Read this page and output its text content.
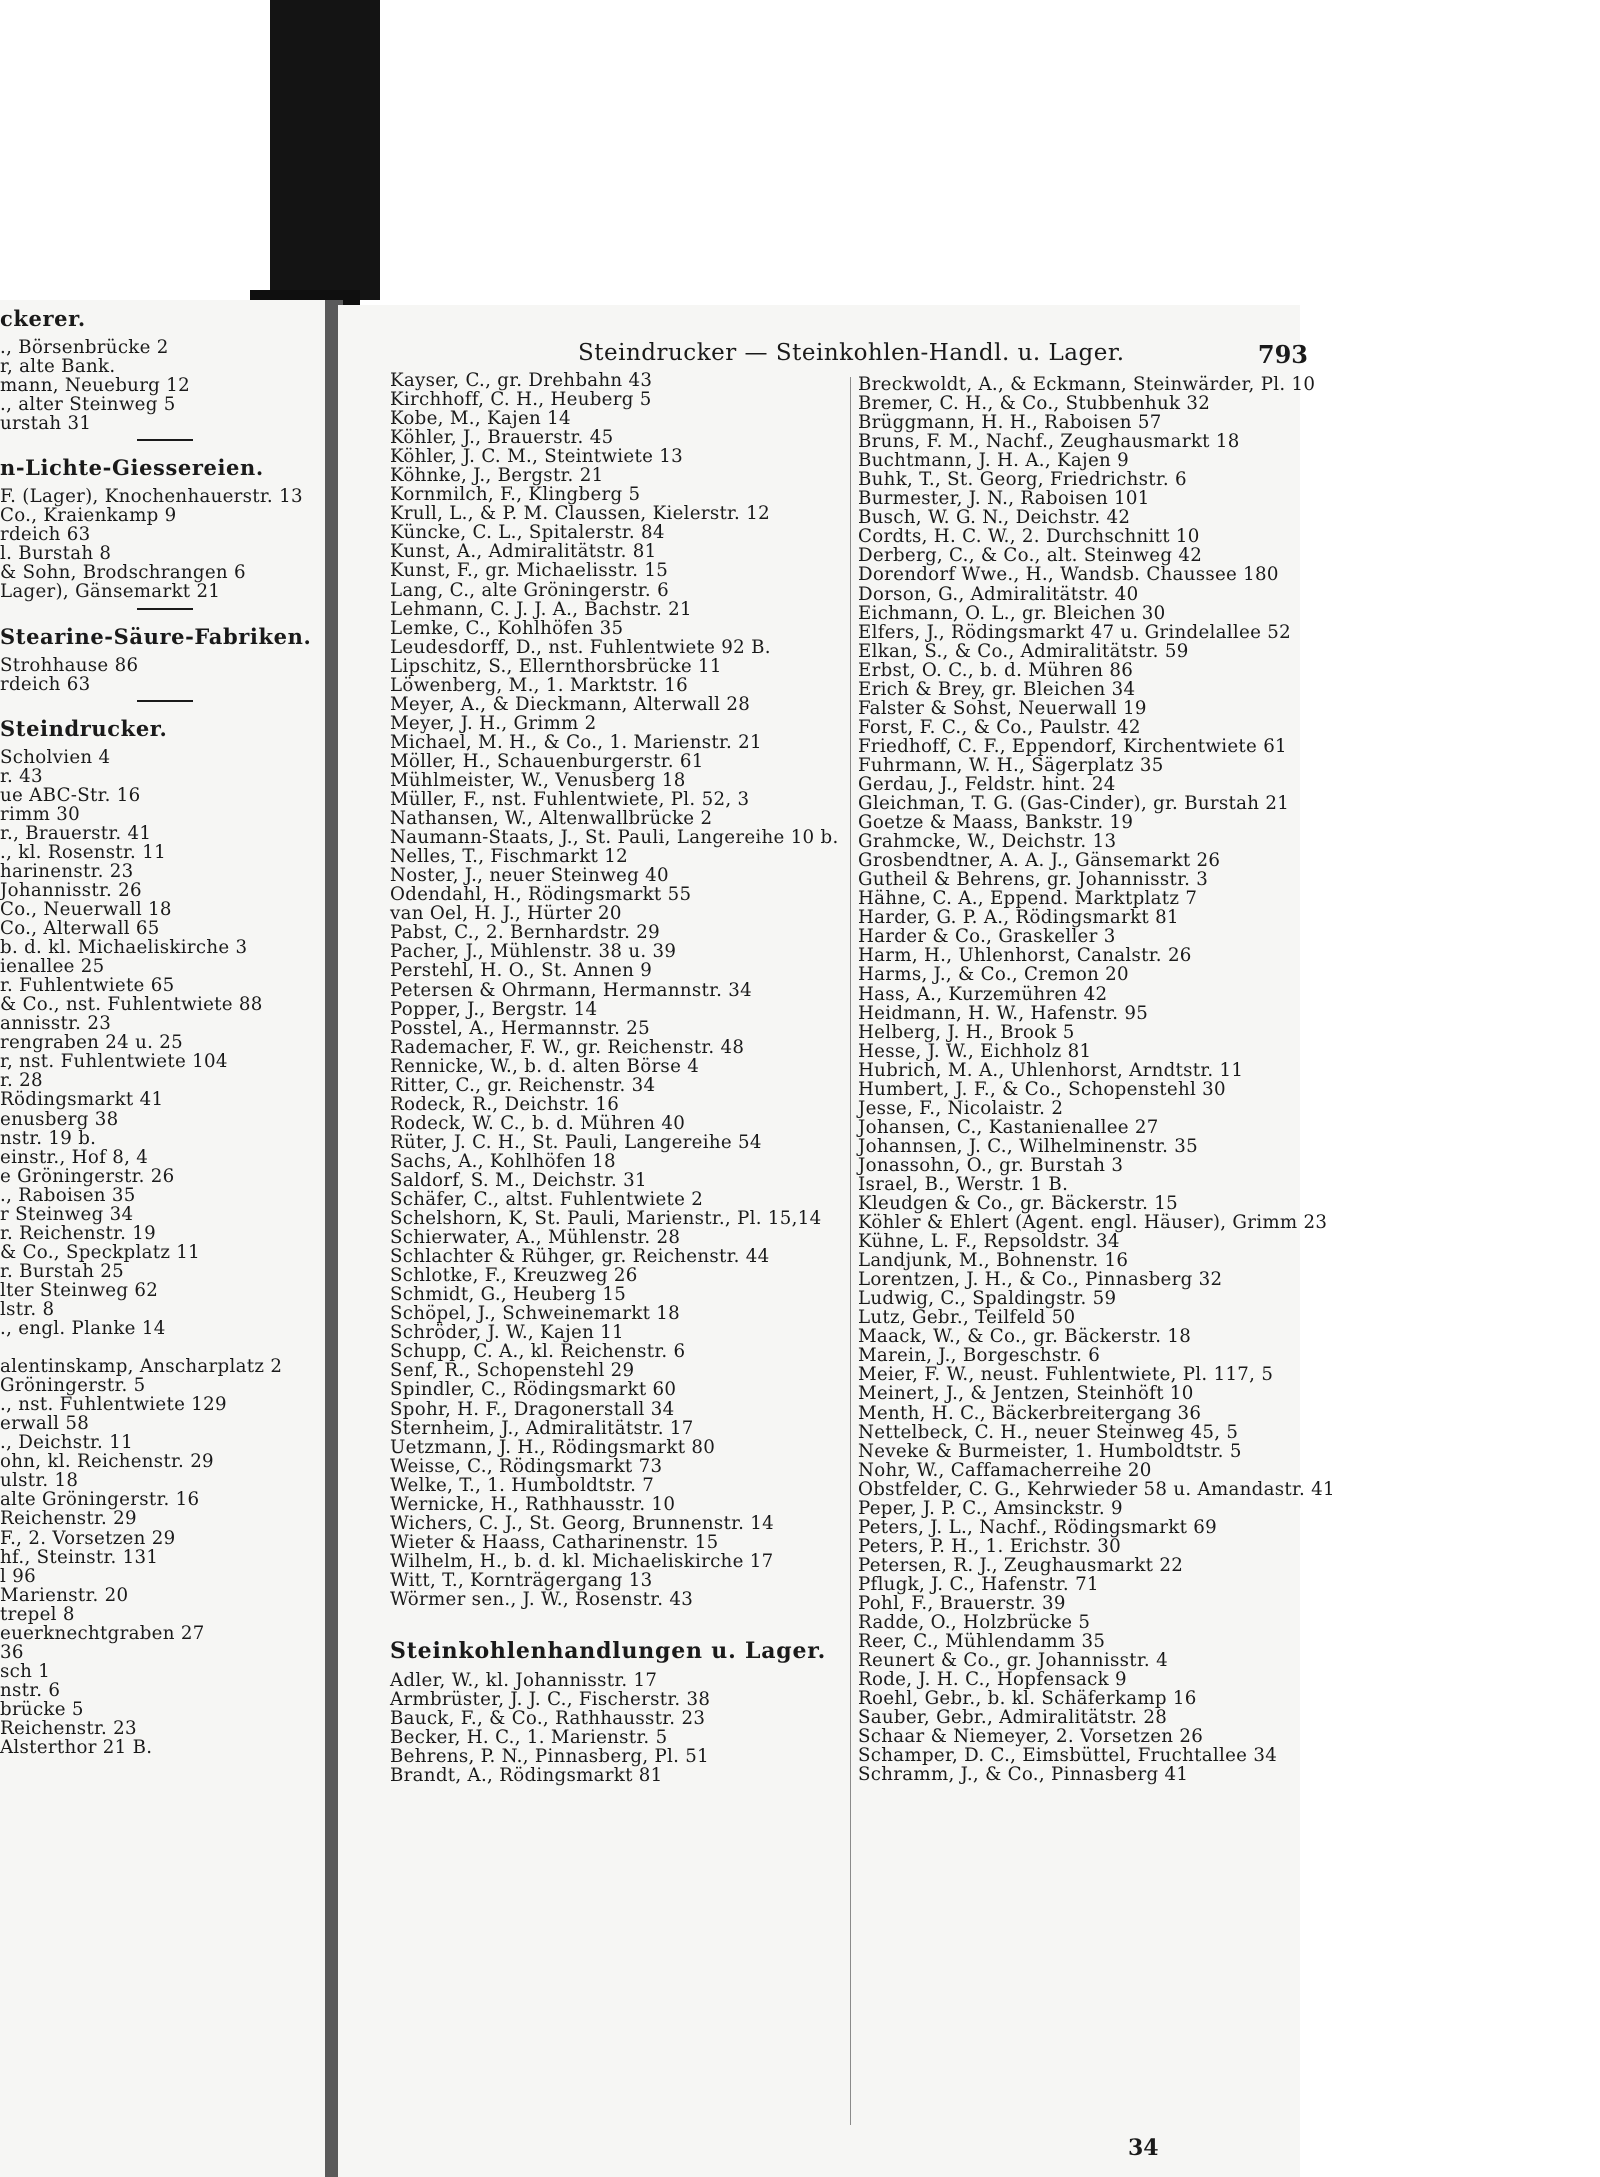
ckerer.
., Börsenbrücke 2
r, alte Bank.
mann, Neueburg 12
., alter Steinweg 5
urstah 31
n-Lichte-Giessereien.
F. (Lager), Knochenhauerstr. 13
Co., Kraienkamp 9
rdeich 63
l. Burstah 8
& Sohn, Brodschrangen 6
Lager), Gänsemarkt 21
Stearine-Säure-Fabriken.
Strohhause 86
rdeich 63
Steindrucker.
Scholvien 4
r. 43
ue ABC-Str. 16
rimm 30
r., Brauerstr. 41
., kl. Rosenstr. 11
harinenstr. 23
Johannisstr. 26
Co., Neuerwall 18
Co., Alterwall 65
b. d. kl. Michaeliskirche 3
ienallee 25
r. Fuhlentwiete 65
& Co., nst. Fuhlentwiete 88
annisstr. 23
rengraben 24 u. 25
r, nst. Fuhlentwiete 104
r. 28
Rödingsmarkt 41
enusberg 38
nstr. 19 b.
einstr., Hof 8, 4
e Gröningerstr. 26
., Raboisen 35
r Steinweg 34
r. Reichenstr. 19
& Co., Speckplatz 11
r. Burstah 25
lter Steinweg 62
lstr. 8
., engl. Planke 14
alentinskamp, Anscharplatz 2
Gröningerstr. 5
., nst. Fuhlentwiete 129
erwall 58
., Deichstr. 11
ohn, kl. Reichenstr. 29
ulstr. 18
alte Gröningerstr. 16
Reichenstr. 29
F., 2. Vorsetzen 29
hf., Steinstr. 131
l 96
Marienstr. 20
trepel 8
euerknechtgraben 27
36
sch 1
nstr. 6
brücke 5
Reichenstr. 23
Alsterthor 21 B.
Steindrucker — Steinkohlen-Handl. u. Lager.	793
Kayser, C., gr. Drehbahn 43
Kirchhoff, C. H., Heuberg 5
Kobe, M., Kajen 14
Köhler, J., Brauerstr. 45
Köhler, J. C. M., Steintwiete 13
Köhnke, J., Bergstr. 21
Kornmilch, F., Klingberg 5
Krull, L., & P. M. Claussen, Kielerstr. 12
Küncke, C. L., Spitalerstr. 84
Kunst, A., Admiralitätstr. 81
Kunst, F., gr. Michaelisstr. 15
Lang, C., alte Gröningerstr. 6
Lehmann, C. J. J. A., Bachstr. 21
Lemke, C., Kohlhöfen 35
Leudesdorff, D., nst. Fuhlentwiete 92 B.
Lipschitz, S., Ellernthorsbrücke 11
Löwenberg, M., 1. Marktstr. 16
Meyer, A., & Dieckmann, Alterwall 28
Meyer, J. H., Grimm 2
Michael, M. H., & Co., 1. Marienstr. 21
Möller, H., Schauenburgerstr. 61
Mühlmeister, W., Venusberg 18
Müller, F., nst. Fuhlentwiete, Pl. 52, 3
Nathansen, W., Altenwallbrücke 2
Naumann-Staats, J., St. Pauli, Langereihe 10 b.
Nelles, T., Fischmarkt 12
Noster, J., neuer Steinweg 40
Odendahl, H., Rödingsmarkt 55
van Oel, H. J., Hürter 20
Pabst, C., 2. Bernhardstr. 29
Pacher, J., Mühlenstr. 38 u. 39
Perstehl, H. O., St. Annen 9
Petersen & Ohrmann, Hermannstr. 34
Popper, J., Bergstr. 14
Posstel, A., Hermannstr. 25
Rademacher, F. W., gr. Reichenstr. 48
Rennicke, W., b. d. alten Börse 4
Ritter, C., gr. Reichenstr. 34
Rodeck, R., Deichstr. 16
Rodeck, W. C., b. d. Mühren 40
Rüter, J. C. H., St. Pauli, Langereihe 54
Sachs, A., Kohlhöfen 18
Saldorf, S. M., Deichstr. 31
Schäfer, C., altst. Fuhlentwiete 2
Schelshorn, K, St. Pauli, Marienstr., Pl. 15,14
Schierwater, A., Mühlenstr. 28
Schlachter & Rühger, gr. Reichenstr. 44
Schlotke, F., Kreuzweg 26
Schmidt, G., Heuberg 15
Schöpel, J., Schweinemarkt 18
Schröder, J. W., Kajen 11
Schupp, C. A., kl. Reichenstr. 6
Senf, R., Schopenstehl 29
Spindler, C., Rödingsmarkt 60
Spohr, H. F., Dragonerstall 34
Sternheim, J., Admiralitätstr. 17
Uetzmann, J. H., Rödingsmarkt 80
Weisse, C., Rödingsmarkt 73
Welke, T., 1. Humboldtstr. 7
Wernicke, H., Rathhausstr. 10
Wichers, C. J., St. Georg, Brunnenstr. 14
Wieter & Haass, Catharinenstr. 15
Wilhelm, H., b. d. kl. Michaeliskirche 17
Witt, T., Kornträgergang 13
Wörmer sen., J. W., Rosenstr. 43
Steinkohlenhandlungen u. Lager.
Adler, W., kl. Johannisstr. 17
Armbrüster, J. J. C., Fischerstr. 38
Bauck, F., & Co., Rathhausstr. 23
Becker, H. C., 1. Marienstr. 5
Behrens, P. N., Pinnasberg, Pl. 51
Brandt, A., Rödingsmarkt 81
Breckwoldt, A., & Eckmann, Steinwärder, Pl. 10
Bremer, C. H., & Co., Stubbenhuk 32
Brüggmann, H. H., Raboisen 57
Bruns, F. M., Nachf., Zeughausmarkt 18
Buchtmann, J. H. A., Kajen 9
Buhk, T., St. Georg, Friedrichstr. 6
Burmester, J. N., Raboisen 101
Busch, W. G. N., Deichstr. 42
Cordts, H. C. W., 2. Durchschnitt 10
Derberg, C., & Co., alt. Steinweg 42
Dorendorf Wwe., H., Wandsb. Chaussee 180
Dorson, G., Admiralitätstr. 40
Eichmann, O. L., gr. Bleichen 30
Elfers, J., Rödingsmarkt 47 u. Grindelallee 52
Elkan, S., & Co., Admiralitätstr. 59
Erbst, O. C., b. d. Mühren 86
Erich & Brey, gr. Bleichen 34
Falster & Sohst, Neuerwall 19
Forst, F. C., & Co., Paulstr. 42
Friedhoff, C. F., Eppendorf, Kirchentwiete 61
Fuhrmann, W. H., Sägerplatz 35
Gerdau, J., Feldstr. hint. 24
Gleichman, T. G. (Gas-Cinder), gr. Burstah 21
Goetze & Maass, Bankstr. 19
Grahmcke, W., Deichstr. 13
Grosbendtner, A. A. J., Gänsemarkt 26
Gutheil & Behrens, gr. Johannisstr. 3
Hähne, C. A., Eppend. Marktplatz 7
Harder, G. P. A., Rödingsmarkt 81
Harder & Co., Graskeller 3
Harm, H., Uhlenhorst, Canalstr. 26
Harms, J., & Co., Cremon 20
Hass, A., Kurzemühren 42
Heidmann, H. W., Hafenstr. 95
Helberg, J. H., Brook 5
Hesse, J. W., Eichholz 81
Hubrich, M. A., Uhlenhorst, Arndtstr. 11
Humbert, J. F., & Co., Schopenstehl 30
Jesse, F., Nicolaistr. 2
Johansen, C., Kastanienallee 27
Johannsen, J. C., Wilhelminenstr. 35
Jonassohn, O., gr. Burstah 3
Israel, B., Werstr. 1 B.
Kleudgen & Co., gr. Bäckerstr. 15
Köhler & Ehlert (Agent. engl. Häuser), Grimm 23
Kühne, L. F., Repsoldstr. 34
Landjunk, M., Bohnenstr. 16
Lorentzen, J. H., & Co., Pinnasberg 32
Ludwig, C., Spaldingstr. 59
Lutz, Gebr., Teilfeld 50
Maack, W., & Co., gr. Bäckerstr. 18
Marein, J., Borgeschstr. 6
Meier, F. W., neust. Fuhlentwiete, Pl. 117, 5
Meinert, J., & Jentzen, Steinhöft 10
Menth, H. C., Bäckerbreitergang 36
Nettelbeck, C. H., neuer Steinweg 45, 5
Neveke & Burmeister, 1. Humboldtstr. 5
Nohr, W., Caffamacherreihe 20
Obstfelder, C. G., Kehrwieder 58 u. Amandastr. 41
Peper, J. P. C., Amsinckstr. 9
Peters, J. L., Nachf., Rödingsmarkt 69
Peters, P. H., 1. Erichstr. 30
Petersen, R. J., Zeughausmarkt 22
Pflugk, J. C., Hafenstr. 71
Pohl, F., Brauerstr. 39
Radde, O., Holzbrücke 5
Reer, C., Mühlendamm 35
Reunert & Co., gr. Johannisstr. 4
Rode, J. H. C., Hopfensack 9
Roehl, Gebr., b. kl. Schäferkamp 16
Sauber, Gebr., Admiralitätstr. 28
Schaar & Niemeyer, 2. Vorsetzen 26
Schamper, D. C., Eimsbüttel, Fruchtallee 34
Schramm, J., & Co., Pinnasberg 41
34
